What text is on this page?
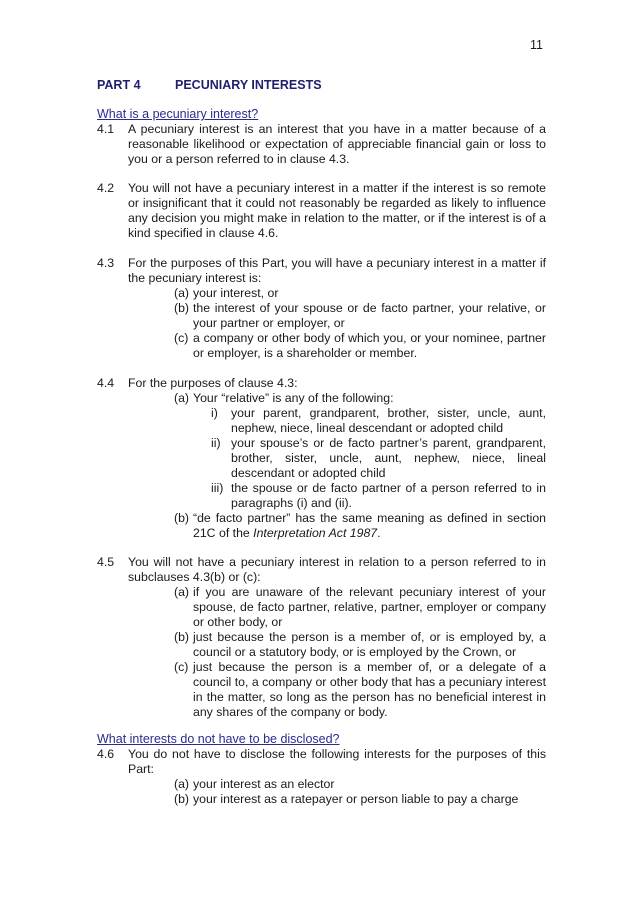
11
PART 4	PECUNIARY INTERESTS
What is a pecuniary interest?
4.1 A pecuniary interest is an interest that you have in a matter because of a reasonable likelihood or expectation of appreciable financial gain or loss to you or a person referred to in clause 4.3.
4.2 You will not have a pecuniary interest in a matter if the interest is so remote or insignificant that it could not reasonably be regarded as likely to influence any decision you might make in relation to the matter, or if the interest is of a kind specified in clause 4.6.
4.3 For the purposes of this Part, you will have a pecuniary interest in a matter if the pecuniary interest is:
(a) your interest, or
(b) the interest of your spouse or de facto partner, your relative, or your partner or employer, or
(c) a company or other body of which you, or your nominee, partner or employer, is a shareholder or member.
4.4 For the purposes of clause 4.3:
(a) Your “relative” is any of the following:
i) your parent, grandparent, brother, sister, uncle, aunt, nephew, niece, lineal descendant or adopted child
ii) your spouse’s or de facto partner’s parent, grandparent, brother, sister, uncle, aunt, nephew, niece, lineal descendant or adopted child
iii) the spouse or de facto partner of a person referred to in paragraphs (i) and (ii).
(b) “de facto partner” has the same meaning as defined in section 21C of the Interpretation Act 1987.
4.5 You will not have a pecuniary interest in relation to a person referred to in subclauses 4.3(b) or (c):
(a) if you are unaware of the relevant pecuniary interest of your spouse, de facto partner, relative, partner, employer or company or other body, or
(b) just because the person is a member of, or is employed by, a council or a statutory body, or is employed by the Crown, or
(c) just because the person is a member of, or a delegate of a council to, a company or other body that has a pecuniary interest in the matter, so long as the person has no beneficial interest in any shares of the company or body.
What interests do not have to be disclosed?
4.6 You do not have to disclose the following interests for the purposes of this Part:
(a) your interest as an elector
(b) your interest as a ratepayer or person liable to pay a charge
